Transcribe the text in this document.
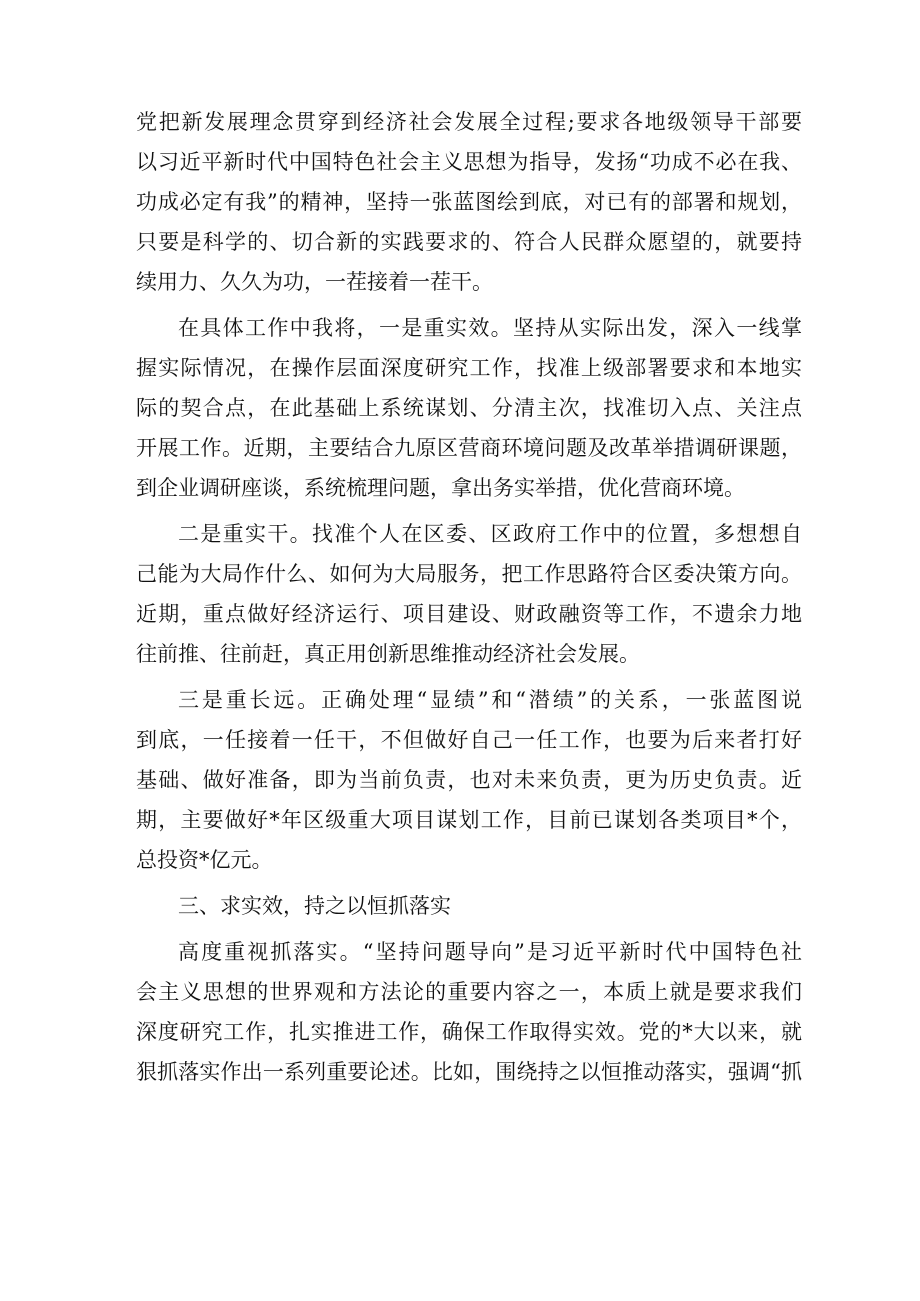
党把新发展理念贯穿到经济社会发展全过程;要求各地级领导干部要
以习近平新时代中国特色社会主义思想为指导，发扬“功成不必在我、
功成必定有我”的精神，坚持一张蓝图绘到底，对已有的部署和规划，
只要是科学的、切合新的实践要求的、符合人民群众愿望的，就要持
续用力、久久为功，一茬接着一茬干。
在具体工作中我将，一是重实效。坚持从实际出发，深入一线掌
握实际情况，在操作层面深度研究工作，找准上级部署要求和本地实
际的契合点，在此基础上系统谋划、分清主次，找准切入点、关注点
开展工作。近期，主要结合九原区营商环境问题及改革举措调研课题，
到企业调研座谈，系统梳理问题，拿出务实举措，优化营商环境。
二是重实干。找准个人在区委、区政府工作中的位置，多想想自
己能为大局作什么、如何为大局服务，把工作思路符合区委决策方向。
近期，重点做好经济运行、项目建设、财政融资等工作，不遗余力地
往前推、往前赶，真正用创新思维推动经济社会发展。
三是重长远。正确处理“显绩”和“潜绩”的关系，一张蓝图说
到底，一任接着一任干，不但做好自己一任工作，也要为后来者打好
基础、做好准备，即为当前负责，也对未来负责，更为历史负责。近
期，主要做好*年区级重大项目谋划工作，目前已谋划各类项目*个，
总投资*亿元。
三、求实效，持之以恒抓落实
高度重视抓落实。“坚持问题导向”是习近平新时代中国特色社
会主义思想的世界观和方法论的重要内容之一，本质上就是要求我们
深度研究工作，扎实推进工作，确保工作取得实效。党的*大以来，就
狠抓落实作出一系列重要论述。比如，围绕持之以恒推动落实，强调“抓
